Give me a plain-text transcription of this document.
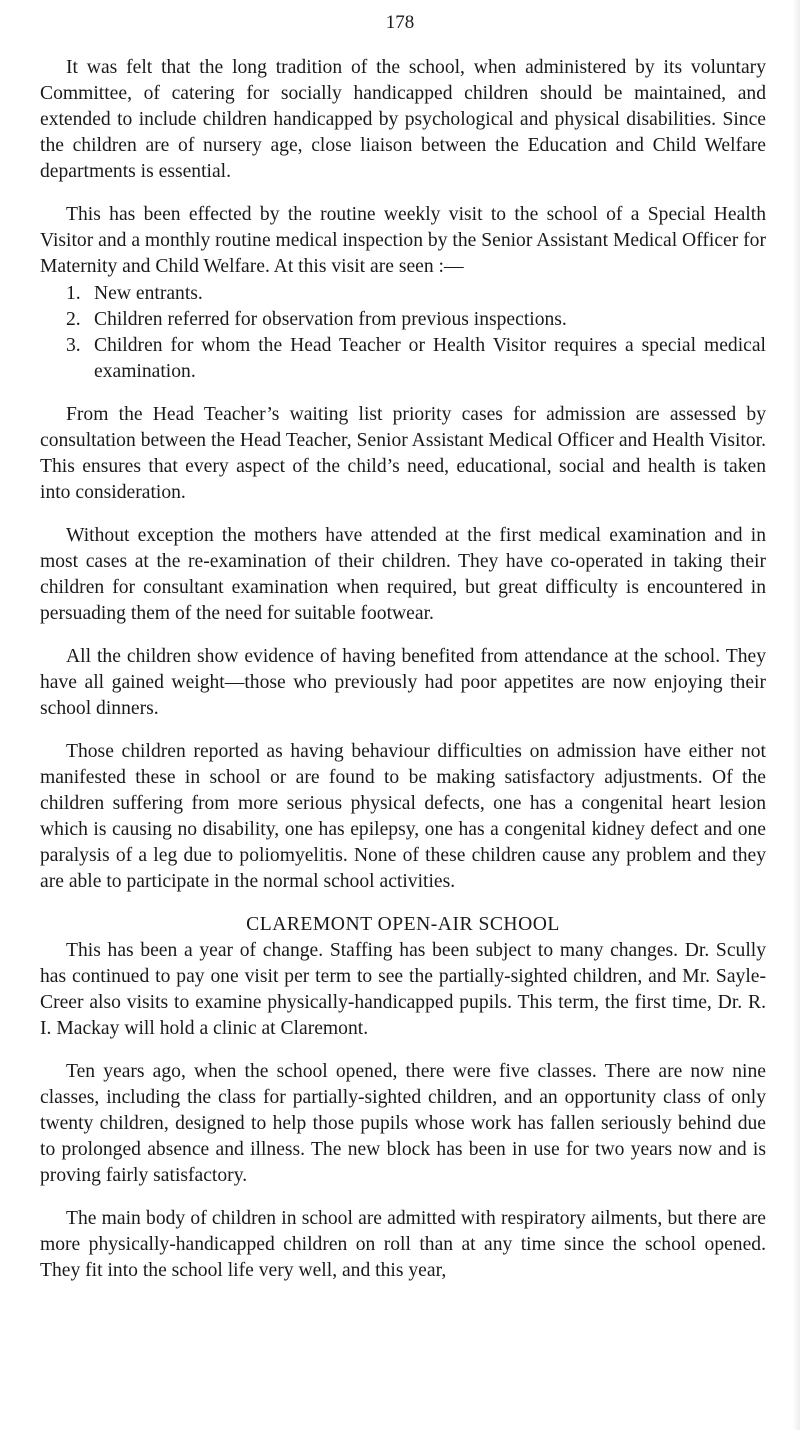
178

It was felt that the long tradition of the school, when administered by its voluntary Committee, of catering for socially handicapped children should be maintained, and extended to include children handicapped by psychological and physical disabilities. Since the children are of nursery age, close liaison between the Education and Child Welfare departments is essential.

This has been effected by the routine weekly visit to the school of a Special Health Visitor and a monthly routine medical inspection by the Senior Assistant Medical Officer for Maternity and Child Welfare. At this visit are seen :—

1. New entrants.
2. Children referred for observation from previous inspections.
3. Children for whom the Head Teacher or Health Visitor requires a special medical examination.

From the Head Teacher’s waiting list priority cases for admission are assessed by consultation between the Head Teacher, Senior Assistant Medical Officer and Health Visitor. This ensures that every aspect of the child’s need, educational, social and health is taken into consideration.

Without exception the mothers have attended at the first medical examination and in most cases at the re-examination of their children. They have co-operated in taking their children for consultant examination when required, but great difficulty is encountered in persuading them of the need for suitable footwear.

All the children show evidence of having benefited from attendance at the school. They have all gained weight—those who previously had poor appetites are now enjoying their school dinners.

Those children reported as having behaviour difficulties on admission have either not manifested these in school or are found to be making satisfactory adjustments. Of the children suffering from more serious physical defects, one has a congenital heart lesion which is causing no disability, one has epilepsy, one has a congenital kidney defect and one paralysis of a leg due to poliomyelitis. None of these children cause any problem and they are able to participate in the normal school activities.

CLAREMONT OPEN-AIR SCHOOL

This has been a year of change. Staffing has been subject to many changes. Dr. Scully has continued to pay one visit per term to see the partially-sighted children, and Mr. Sayle-Creer also visits to examine physically-handicapped pupils. This term, the first time, Dr. R. I. Mackay will hold a clinic at Claremont.

Ten years ago, when the school opened, there were five classes. There are now nine classes, including the class for partially-sighted children, and an opportunity class of only twenty children, designed to help those pupils whose work has fallen seriously behind due to prolonged absence and illness. The new block has been in use for two years now and is proving fairly satisfactory.

The main body of children in school are admitted with respiratory ailments, but there are more physically-handicapped children on roll than at any time since the school opened. They fit into the school life very well, and this year,
